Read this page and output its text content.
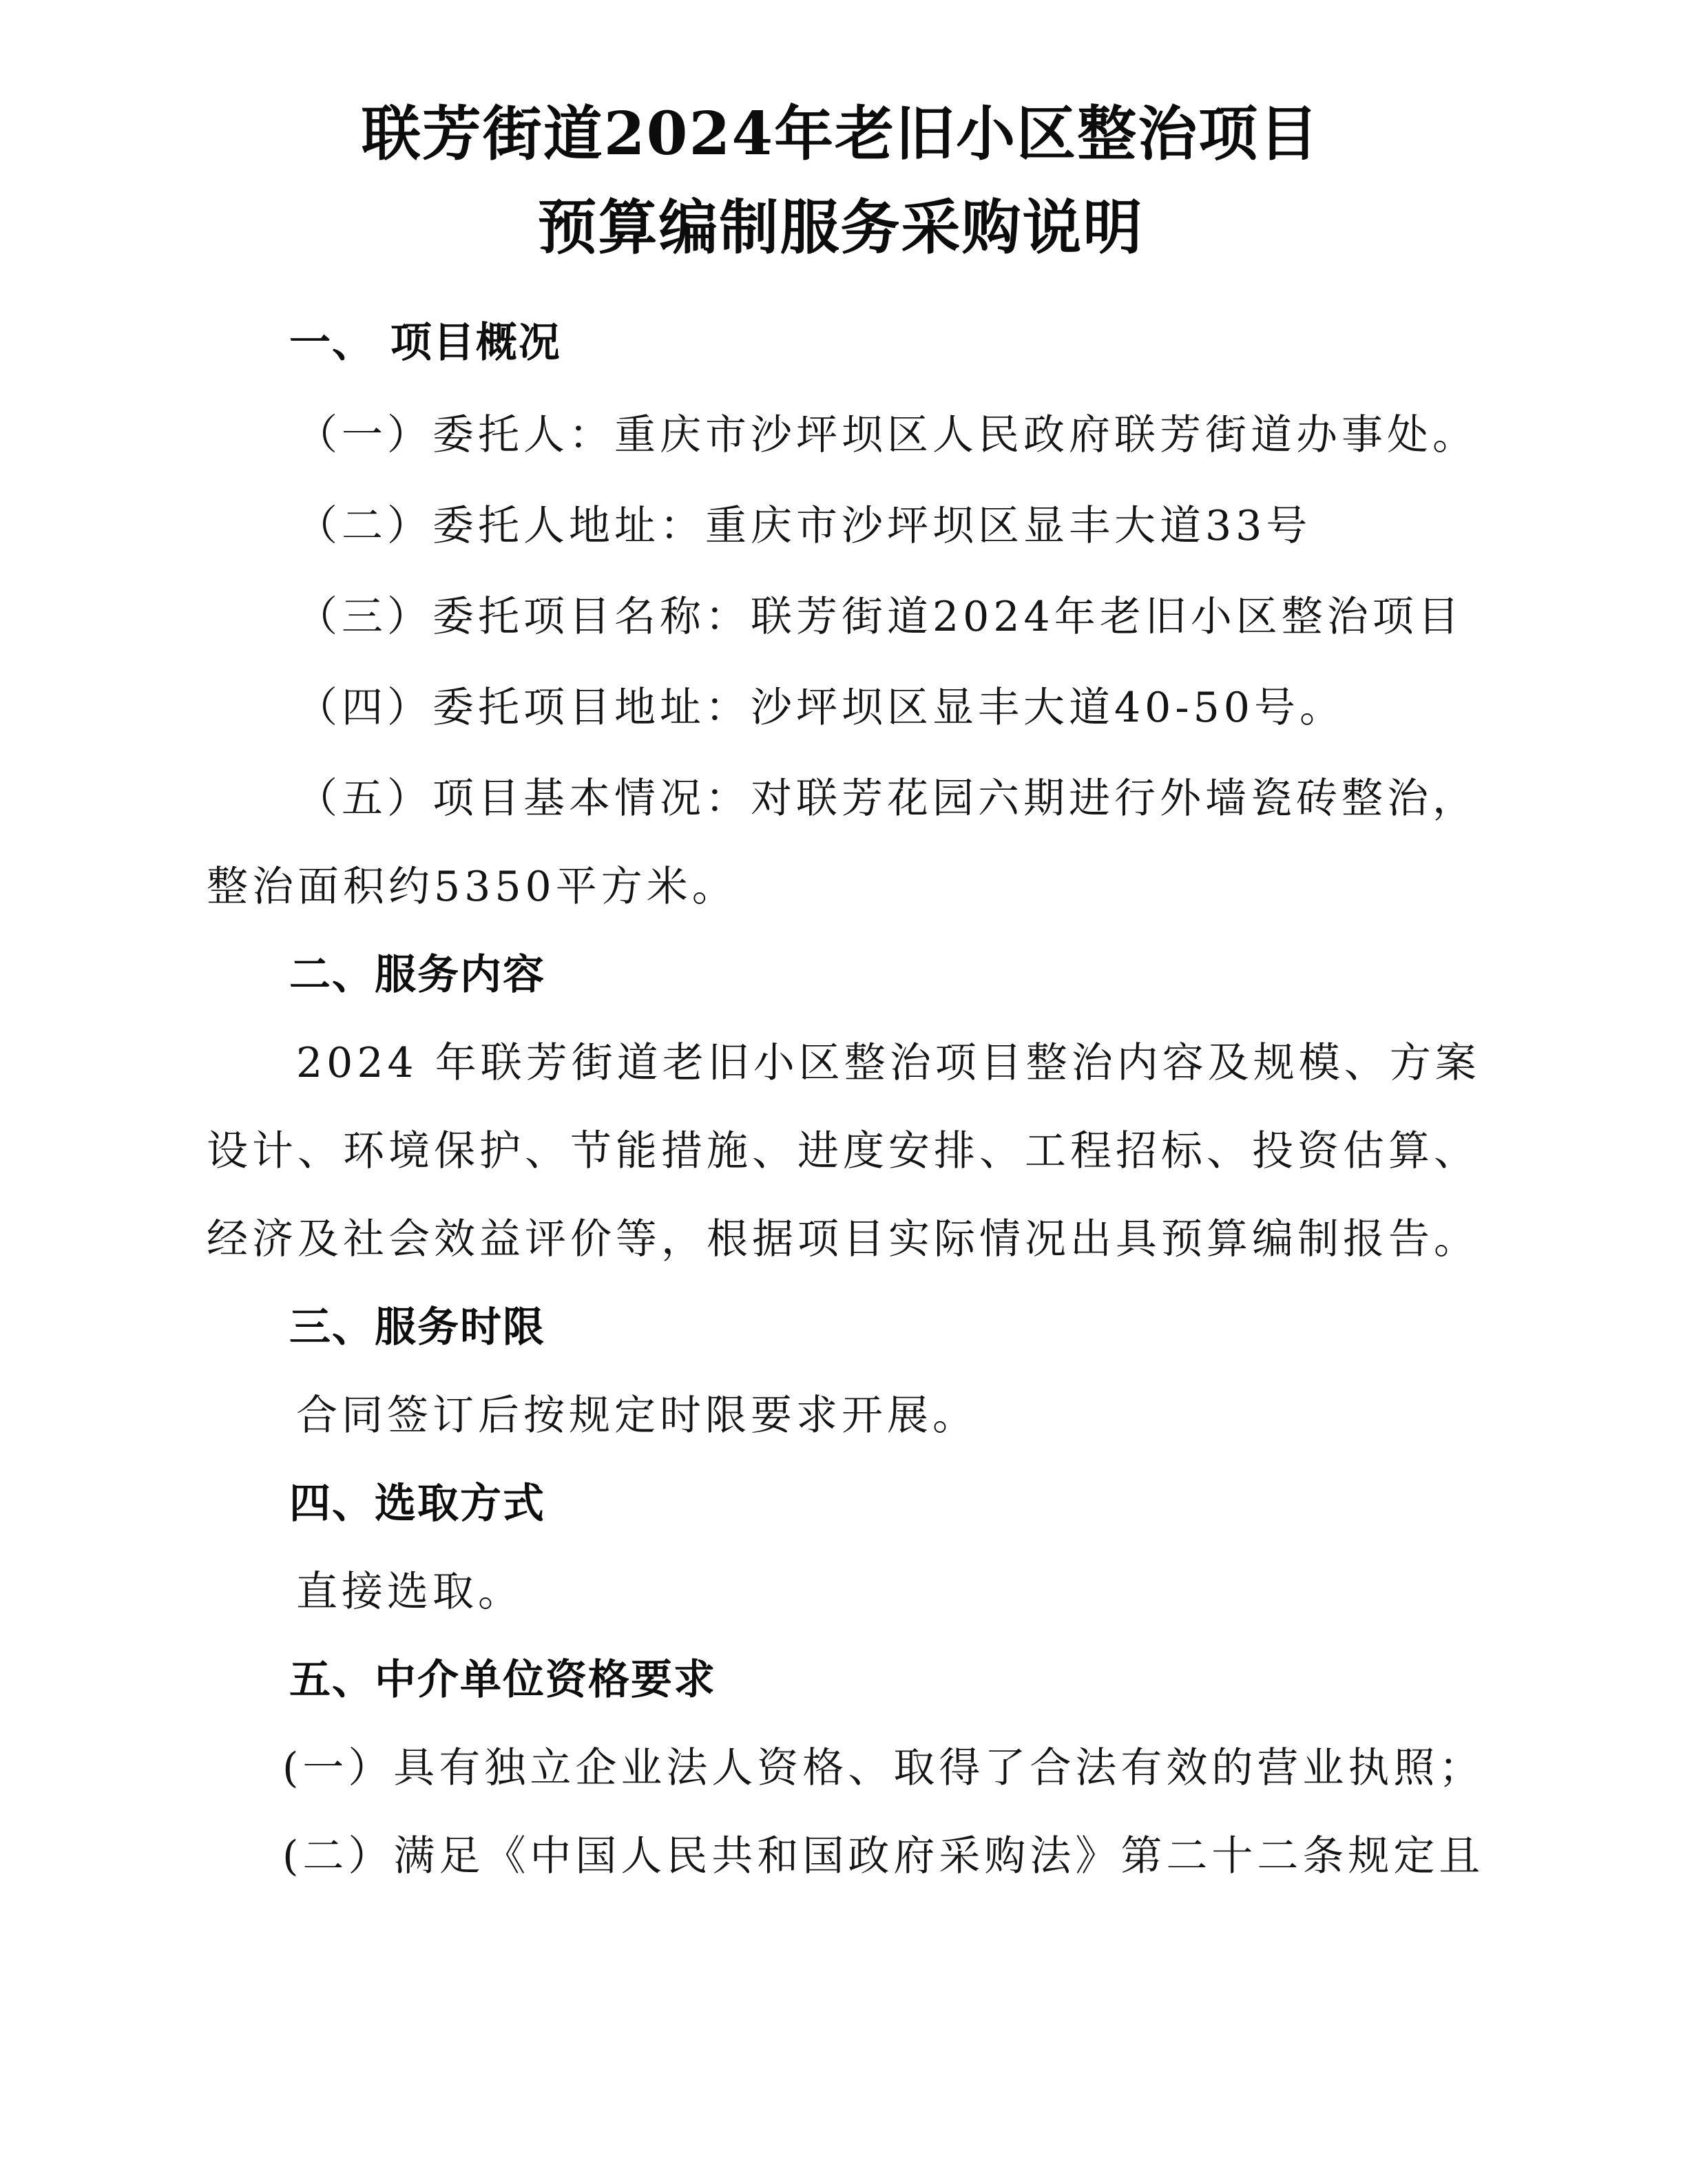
联芳街道2024年老旧小区整治项目
预算编制服务采购说明
一、 项目概况
（一）委托人：重庆市沙坪坝区人民政府联芳街道办事处。
（二）委托人地址：重庆市沙坪坝区显丰大道33号
（三）委托项目名称：联芳街道2024年老旧小区整治项目
（四）委托项目地址：沙坪坝区显丰大道40-50号。
（五）项目基本情况：对联芳花园六期进行外墙瓷砖整治，
整治面积约5350平方米。
二、服务内容
2024 年联芳街道老旧小区整治项目整治内容及规模、方案
设计、环境保护、节能措施、进度安排、工程招标、投资估算、
经济及社会效益评价等，根据项目实际情况出具预算编制报告。
三、服务时限
合同签订后按规定时限要求开展。
四、选取方式
直接选取。
五、中介单位资格要求
(一）具有独立企业法人资格、取得了合法有效的营业执照；
(二）满足《中国人民共和国政府采购法》第二十二条规定且
